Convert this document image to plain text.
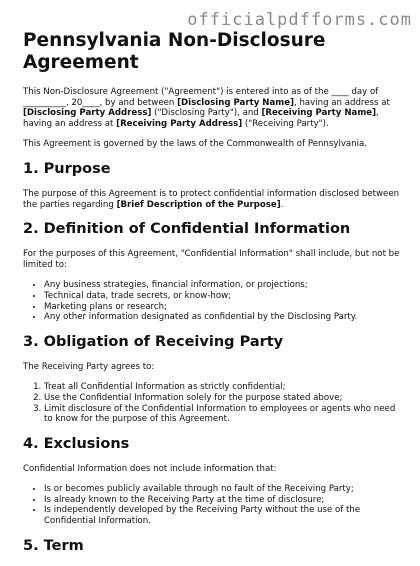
officialpdfforms.com
Pennsylvania Non-Disclosure Agreement

This Non-Disclosure Agreement ("Agreement") is entered into as of the ____ day of __________, 20____, by and between [Disclosing Party Name], having an address at [Disclosing Party Address] ("Disclosing Party"), and [Receiving Party Name], having an address at [Receiving Party Address] ("Receiving Party").

This Agreement is governed by the laws of the Commonwealth of Pennsylvania.

1. Purpose

The purpose of this Agreement is to protect confidential information disclosed between the parties regarding [Brief Description of the Purpose].

2. Definition of Confidential Information

For the purposes of this Agreement, "Confidential Information" shall include, but not be limited to:

• Any business strategies, financial information, or projections;
• Technical data, trade secrets, or know-how;
• Marketing plans or research;
• Any other information designated as confidential by the Disclosing Party.
3. Obligation of Receiving Party

The Receiving Party agrees to:

1. Treat all Confidential Information as strictly confidential;
2. Use the Confidential Information solely for the purpose stated above;
3. Limit disclosure of the Confidential Information to employees or agents who need to know for the purpose of this Agreement.
4. Exclusions

Confidential Information does not include information that:

• Is or becomes publicly available through no fault of the Receiving Party;
• Is already known to the Receiving Party at the time of disclosure;
• Is independently developed by the Receiving Party without the use of the Confidential Information.
5. Term
